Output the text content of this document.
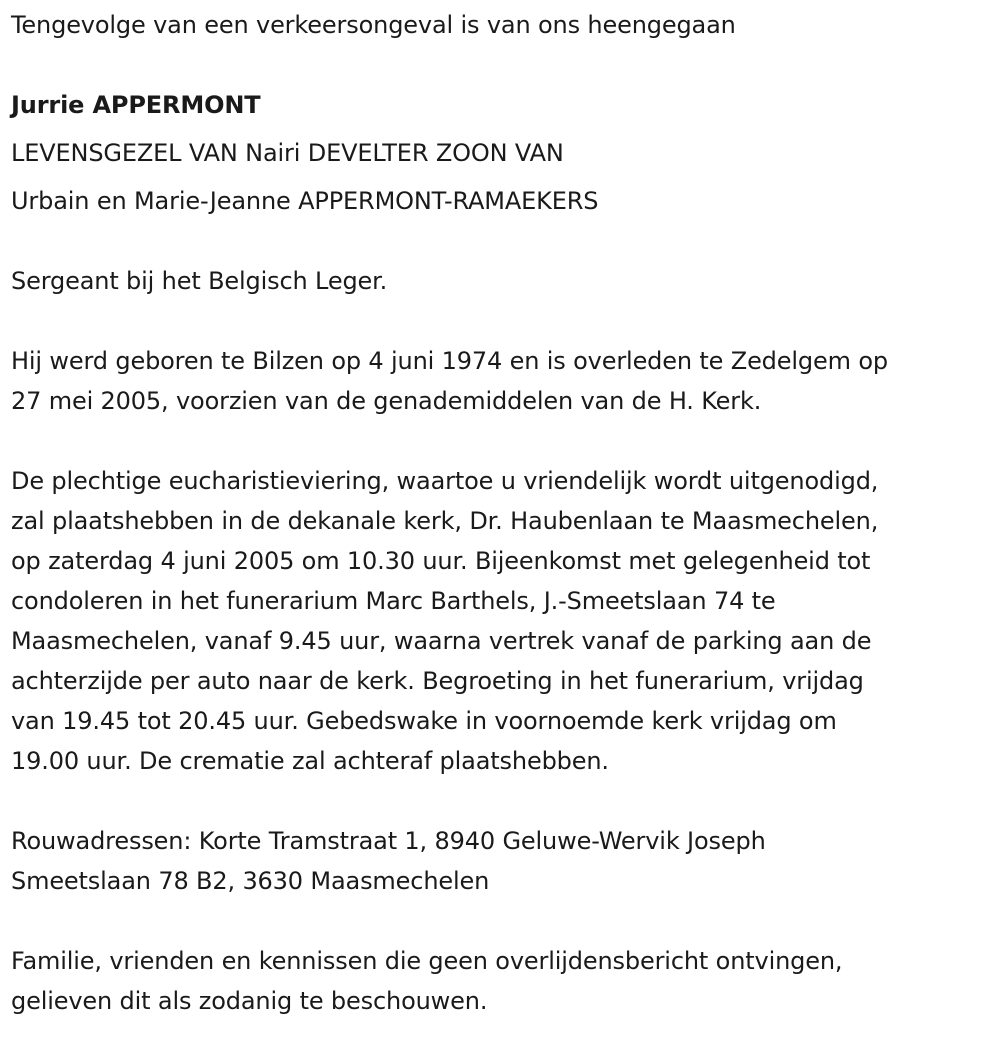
Tengevolge van een verkeersongeval is van ons heengegaan
Jurrie APPERMONT
LEVENSGEZEL VAN Nairi DEVELTER ZOON VAN
Urbain en Marie-Jeanne APPERMONT-RAMAEKERS
Sergeant bij het Belgisch Leger.
Hij werd geboren te Bilzen op 4 juni 1974 en is overleden te Zedelgem op
27 mei 2005, voorzien van de genademiddelen van de H. Kerk.
De plechtige eucharistieviering, waartoe u vriendelijk wordt uitgenodigd,
zal plaatshebben in de dekanale kerk, Dr. Haubenlaan te Maasmechelen,
op zaterdag 4 juni 2005 om 10.30 uur. Bijeenkomst met gelegenheid tot
condoleren in het funerarium Marc Barthels, J.-Smeetslaan 74 te
Maasmechelen, vanaf 9.45 uur, waarna vertrek vanaf de parking aan de
achterzijde per auto naar de kerk. Begroeting in het funerarium, vrijdag
van 19.45 tot 20.45 uur. Gebedswake in voornoemde kerk vrijdag om
19.00 uur. De crematie zal achteraf plaatshebben.
Rouwadressen: Korte Tramstraat 1, 8940 Geluwe-Wervik Joseph
Smeetslaan 78 B2, 3630 Maasmechelen
Familie, vrienden en kennissen die geen overlijdensbericht ontvingen,
gelieven dit als zodanig te beschouwen.
